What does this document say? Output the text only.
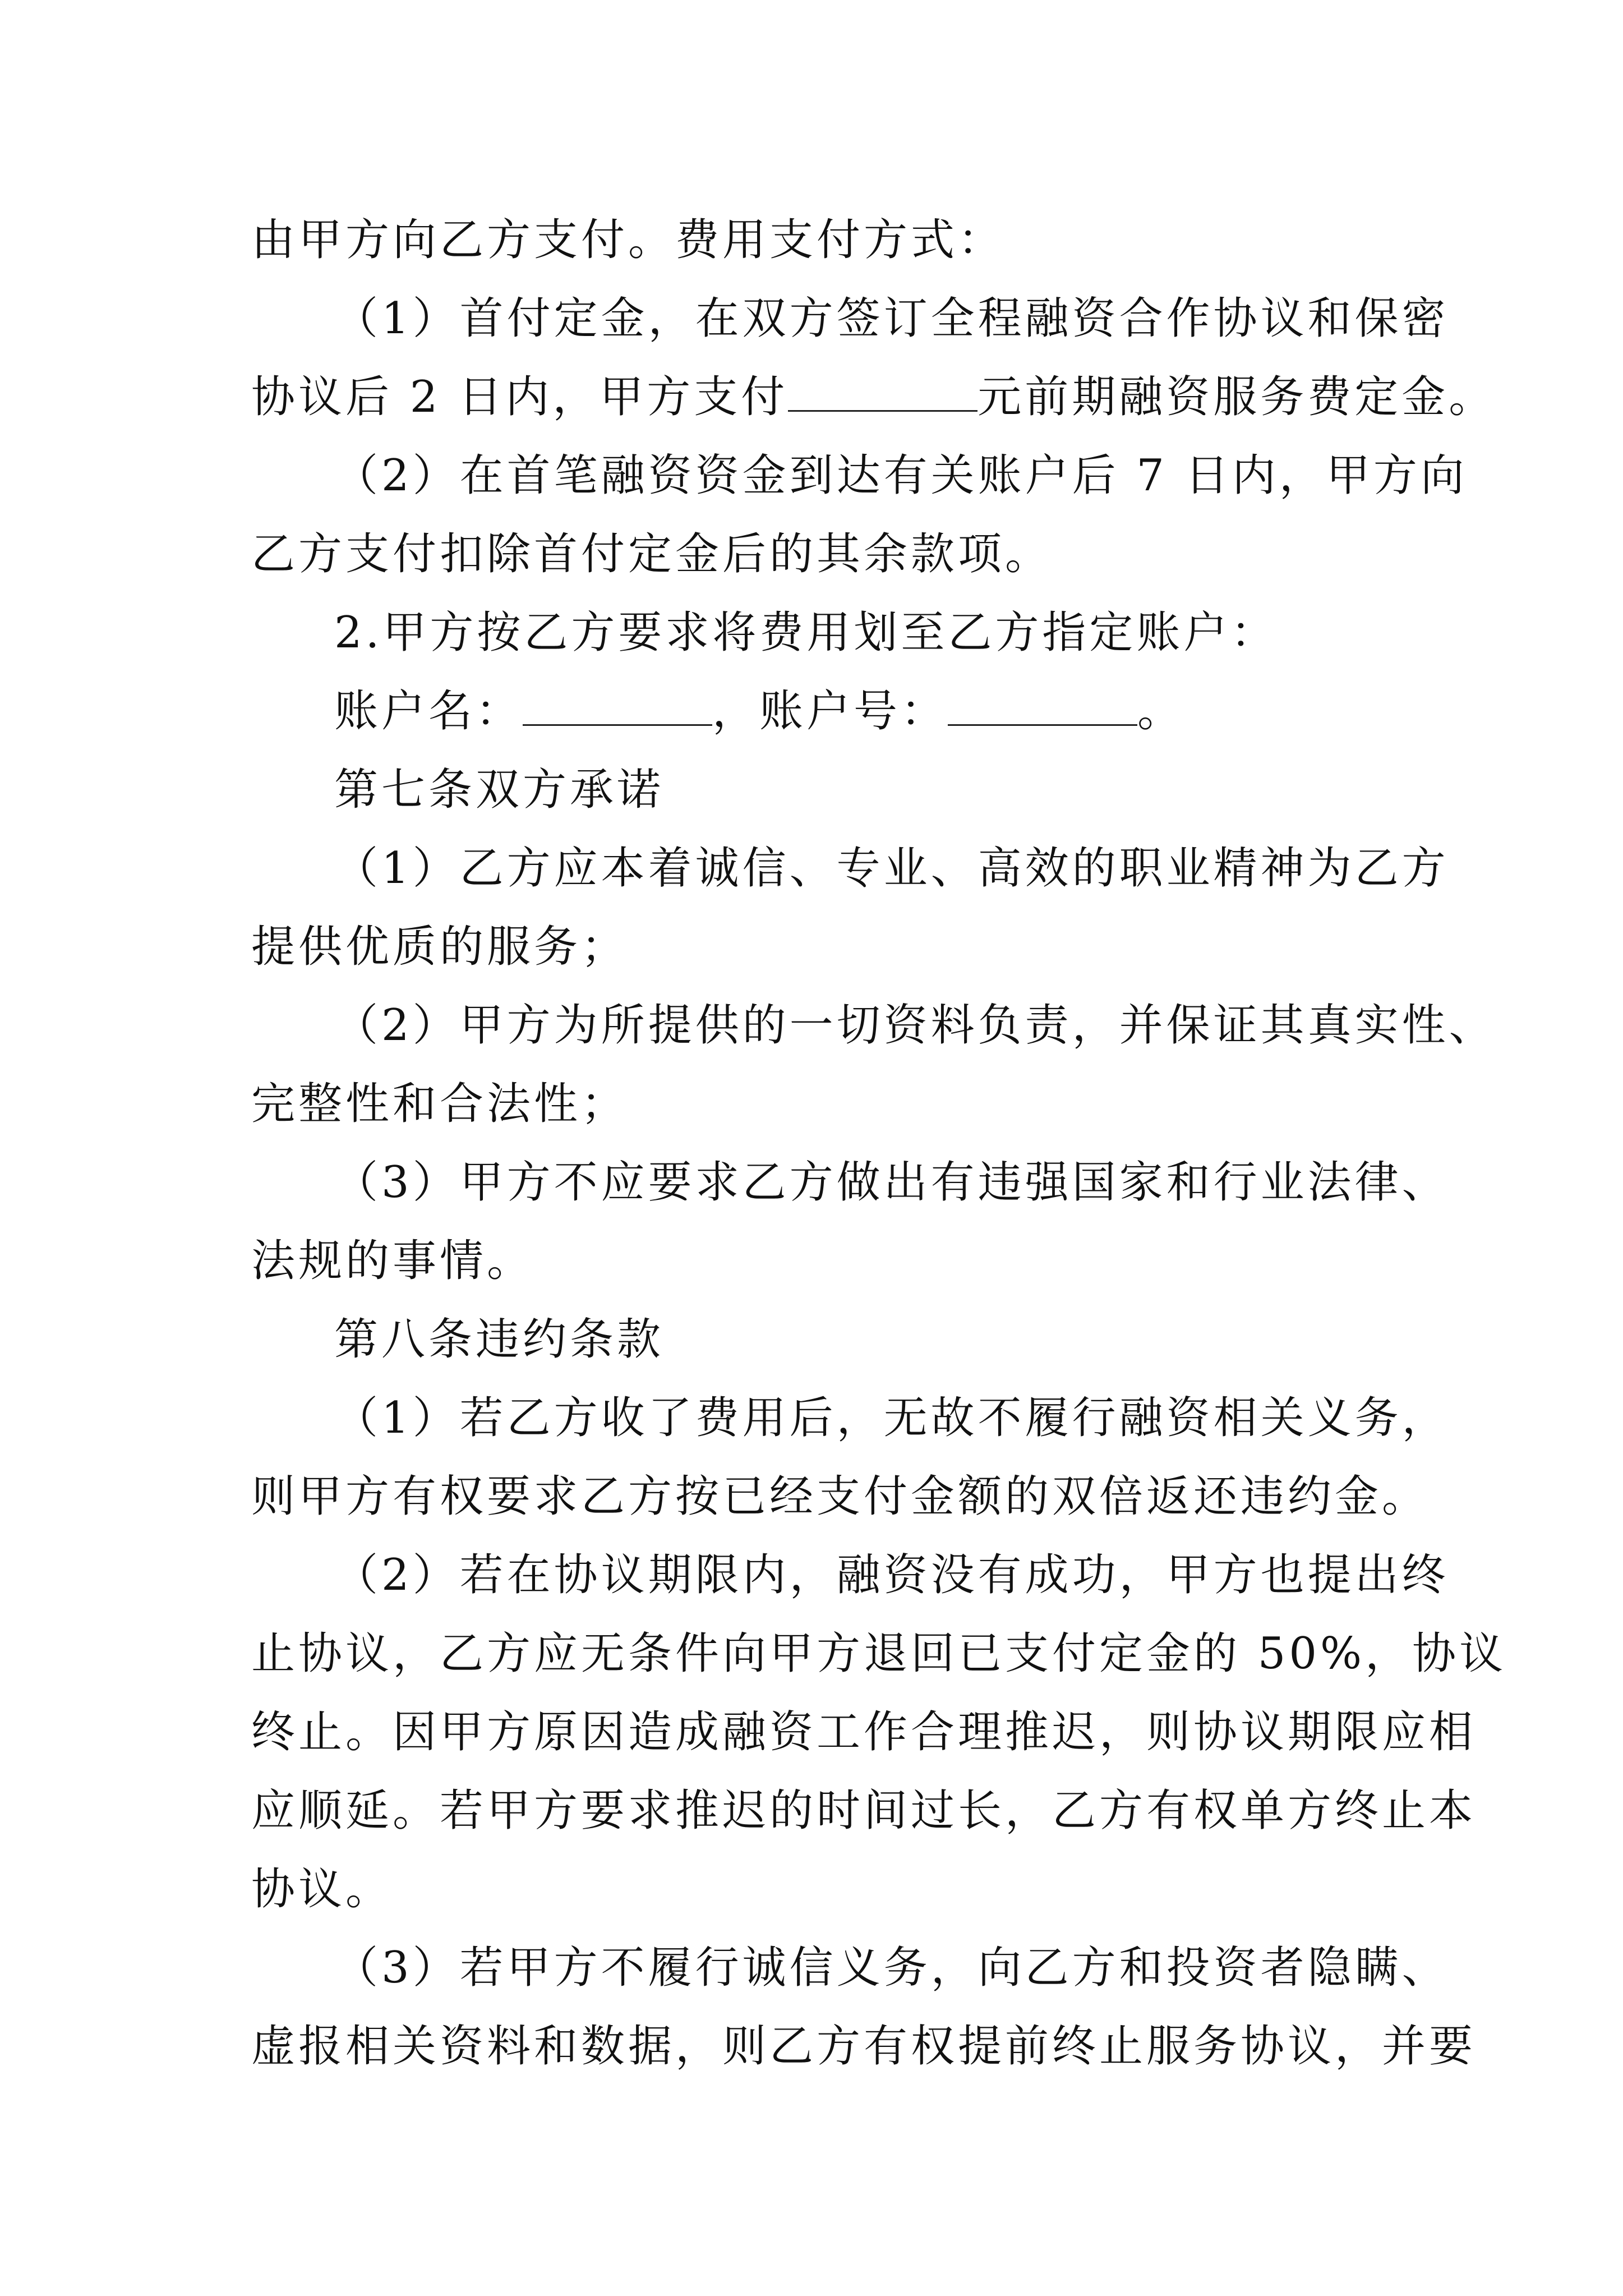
由甲方向乙方支付。费用支付方式：
（1）首付定金，在双方签订全程融资合作协议和保密
协议后 2 日内，甲方支付	元前期融资服务费定金。
（2）在首笔融资资金到达有关账户后 7 日内，甲方向
乙方支付扣除首付定金后的其余款项。
2.甲方按乙方要求将费用划至乙方指定账户：
账户名：	，账户号：	。
第七条双方承诺
（1）乙方应本着诚信、专业、高效的职业精神为乙方
提供优质的服务；
（2）甲方为所提供的一切资料负责，并保证其真实性、
完整性和合法性；
（3）甲方不应要求乙方做出有违强国家和行业法律、
法规的事情。
第八条违约条款
（1）若乙方收了费用后，无故不履行融资相关义务，
则甲方有权要求乙方按已经支付金额的双倍返还违约金。
（2）若在协议期限内，融资没有成功，甲方也提出终
止协议，乙方应无条件向甲方退回已支付定金的 50%，协议
终止。因甲方原因造成融资工作合理推迟，则协议期限应相
应顺延。若甲方要求推迟的时间过长，乙方有权单方终止本
协议。
（3）若甲方不履行诚信义务，向乙方和投资者隐瞒、
虚报相关资料和数据，则乙方有权提前终止服务协议，并要
